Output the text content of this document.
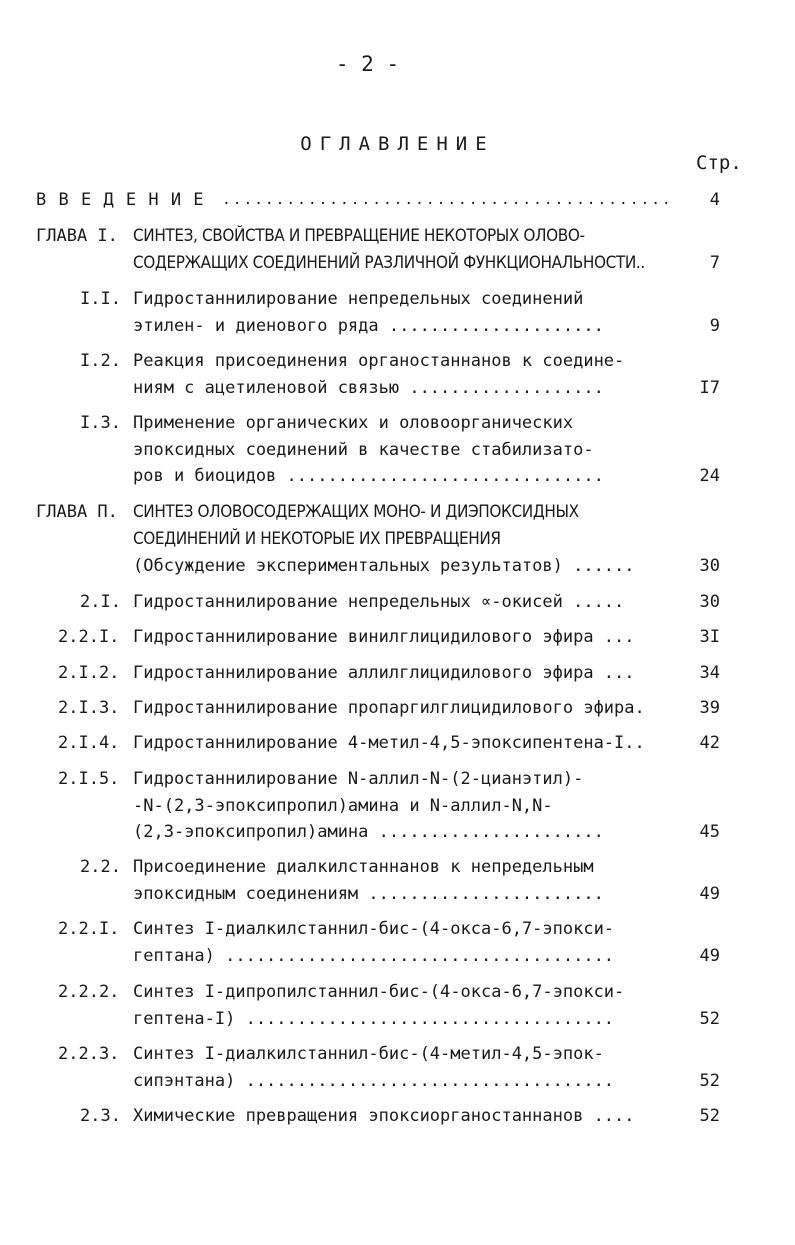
- 2 -
ОГЛАВЛЕНИЕ
Стр.
В В Е Д Е Н И Е ..........................................	4
ГЛАВА I. СИНТЕЗ, СВОЙСТВА И ПРЕВРАЩЕНИЕ НЕКОТОРЫХ ОЛОВО-
СОДЕРЖАЩИХ СОЕДИНЕНИЙ РАЗЛИЧНОЙ ФУНКЦИОНАЛЬНОСТИ..	7
I.I. Гидростаннилирование непредельных соединений
этилен- и диенового ряда .....................	9
I.2. Реакция присоединения органостаннанов к соедине-
ниям с ацетиленовой связью ...................	I7
I.3. Применение органических и оловоорганических
эпоксидных соединений в качестве стабилизато-
ров и биоцидов ...............................	24
ГЛАВА П. СИНТЕЗ ОЛОВОСОДЕРЖАЩИХ МОНО- И ДИЭПОКСИДНЫХ
СОЕДИНЕНИЙ И НЕКОТОРЫЕ ИХ ПРЕВРАЩЕНИЯ
(Обсуждение экспериментальных результатов) ......	30
2.I. Гидростаннилирование непредельных ∝-окисей .....	30
2.2.I. Гидростаннилирование винилглицидилового эфира ...	3I
2.I.2. Гидростаннилирование аллилглицидилового эфира ...	34
2.I.3. Гидростаннилирование пропаргилглицидилового эфира.	39
2.I.4. Гидростаннилирование 4-метил-4,5-эпоксипентена-I..	42
2.I.5. Гидростаннилирование N-аллил-N-(2-цианэтил)-
-N-(2,3-эпоксипропил)амина и N-аллил-N,N-
(2,3-эпоксипропил)амина ......................	45
2.2. Присоединение диалкилстаннанов к непредельным
эпоксидным соединениям .......................	49
2.2.I. Синтез I-диалкилстаннил-бис-(4-окса-6,7-эпокси-
гептана) ......................................	49
2.2.2. Синтез I-дипропилстаннил-бис-(4-окса-6,7-эпокси-
гептена-I) ....................................	52
2.2.3. Синтез I-диалкилстаннил-бис-(4-метил-4,5-эпок-
сипэнтана) ....................................	52
2.3. Химические превращения эпоксиорганостаннанов ....	52
